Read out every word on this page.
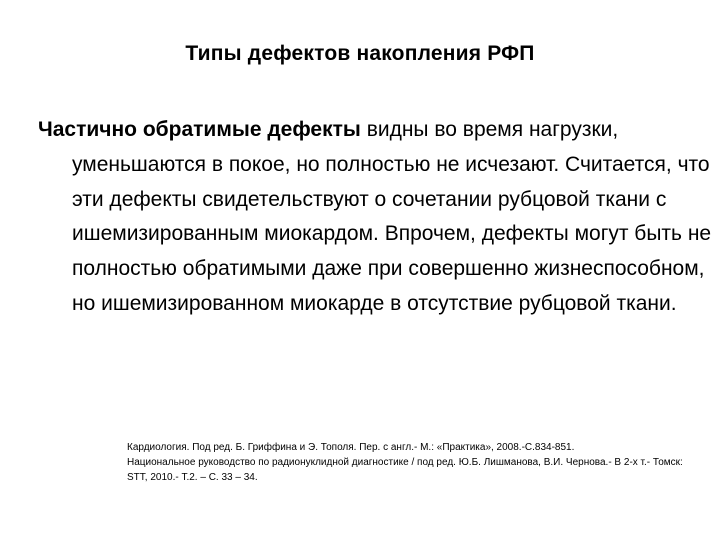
Типы дефектов накопления РФП
Частично обратимые дефекты видны во время нагрузки, уменьшаются в покое, но полностью не исчезают. Считается, что эти дефекты свидетельствуют о сочетании рубцовой ткани с ишемизированным миокардом. Впрочем, дефекты могут быть не полностью обратимыми даже при совершенно жизнеспособном, но ишемизированном миокарде в отсутствие рубцовой ткани.

Кардиология. Под ред. Б. Гриффина и Э. Тополя. Пер. с англ.- М.: «Практика», 2008.-С.834-851.

Национальное руководство по радионуклидной диагностике / под ред. Ю.Б. Лишманова, В.И. Чернова.- В 2-х т.- Томск: STT, 2010.- Т.2. – С. 33 – 34.
